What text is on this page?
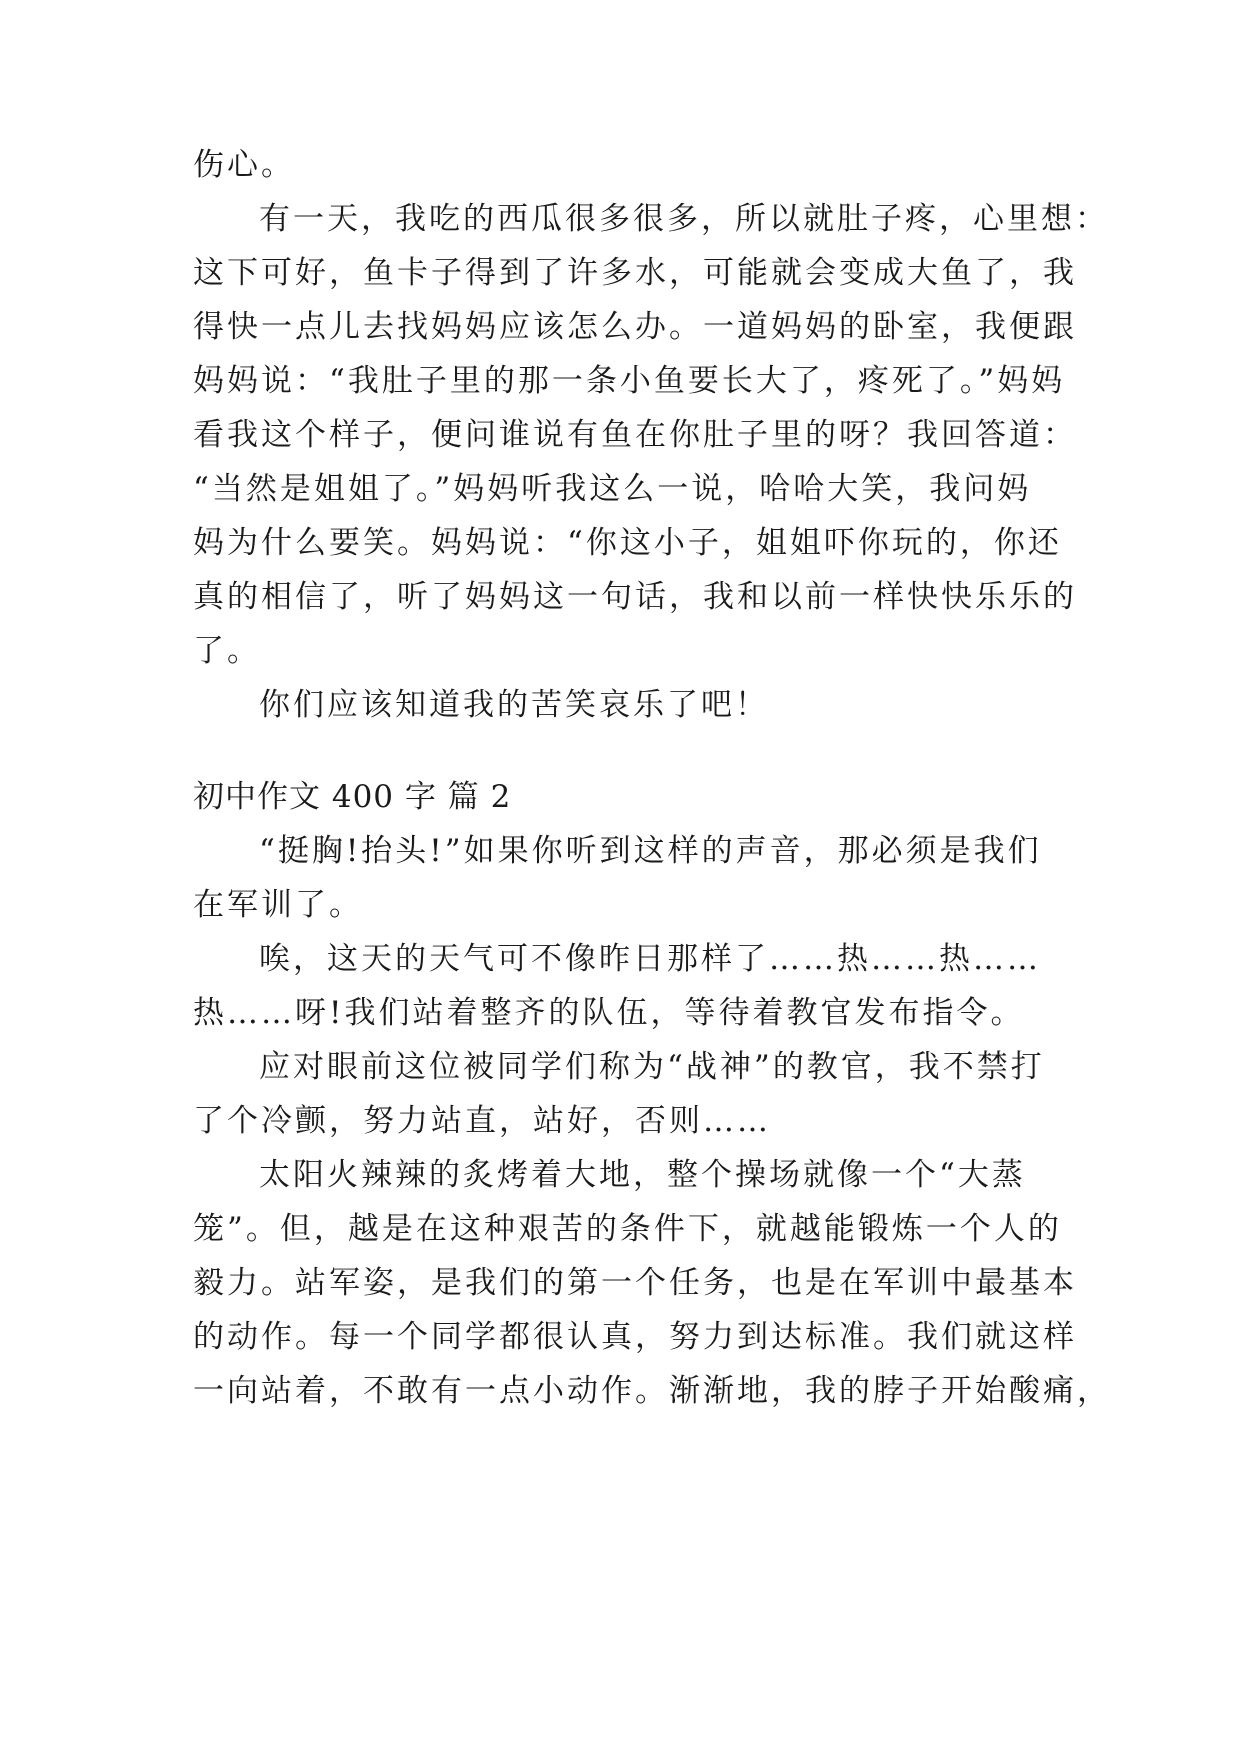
伤心。
有一天，我吃的西瓜很多很多，所以就肚子疼，心里想：
这下可好，鱼卡子得到了许多水，可能就会变成大鱼了，我
得快一点儿去找妈妈应该怎么办。一道妈妈的卧室，我便跟
妈妈说：“我肚子里的那一条小鱼要长大了，疼死了。”妈妈
看我这个样子，便问谁说有鱼在你肚子里的呀？我回答道：
“当然是姐姐了。”妈妈听我这么一说，哈哈大笑，我问妈
妈为什么要笑。妈妈说：“你这小子，姐姐吓你玩的，你还
真的相信了，听了妈妈这一句话，我和以前一样快快乐乐的
了。
你们应该知道我的苦笑哀乐了吧！
初中作文 400 字 篇 2
“挺胸!抬头!”如果你听到这样的声音，那必须是我们
在军训了。
唉，这天的天气可不像昨日那样了……热……热……
热……呀!我们站着整齐的队伍，等待着教官发布指令。
应对眼前这位被同学们称为“战神”的教官，我不禁打
了个冷颤，努力站直，站好，否则……
太阳火辣辣的炙烤着大地，整个操场就像一个“大蒸
笼”。但，越是在这种艰苦的条件下，就越能锻炼一个人的
毅力。站军姿，是我们的第一个任务，也是在军训中最基本
的动作。每一个同学都很认真，努力到达标准。我们就这样
一向站着，不敢有一点小动作。渐渐地，我的脖子开始酸痛，
